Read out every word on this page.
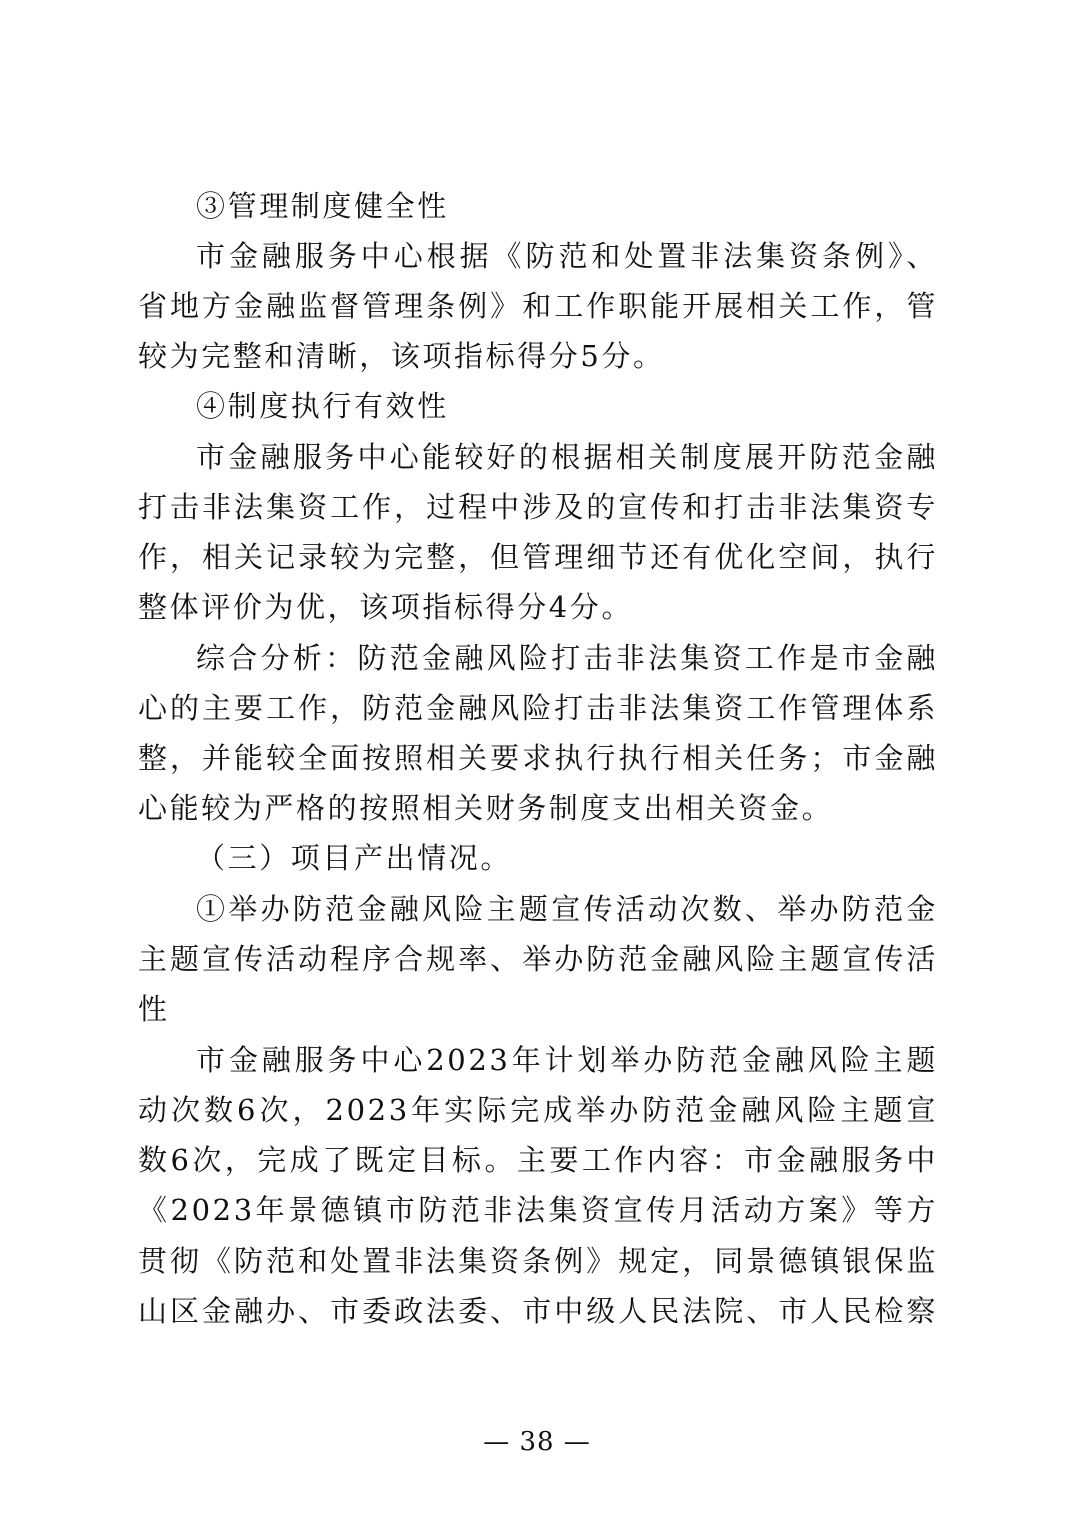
③管理制度健全性
市金融服务中心根据《防范和处置非法集资条例》、
省地方金融监督管理条例》和工作职能开展相关工作，管
较为完整和清晰，该项指标得分5分。
④制度执行有效性
市金融服务中心能较好的根据相关制度展开防范金融
打击非法集资工作，过程中涉及的宣传和打击非法集资专
作，相关记录较为完整，但管理细节还有优化空间，执行
整体评价为优，该项指标得分4分。
综合分析：防范金融风险打击非法集资工作是市金融
心的主要工作，防范金融风险打击非法集资工作管理体系
整，并能较全面按照相关要求执行执行相关任务；市金融
心能较为严格的按照相关财务制度支出相关资金。
（三）项目产出情况。
①举办防范金融风险主题宣传活动次数、举办防范金
主题宣传活动程序合规率、举办防范金融风险主题宣传活
性
市金融服务中心2023年计划举办防范金融风险主题
动次数6次，2023年实际完成举办防范金融风险主题宣
数6次，完成了既定目标。主要工作内容：市金融服务中
《2023年景德镇市防范非法集资宣传月活动方案》等方
贯彻《防范和处置非法集资条例》规定，同景德镇银保监
山区金融办、市委政法委、市中级人民法院、市人民检察
— 38 —
